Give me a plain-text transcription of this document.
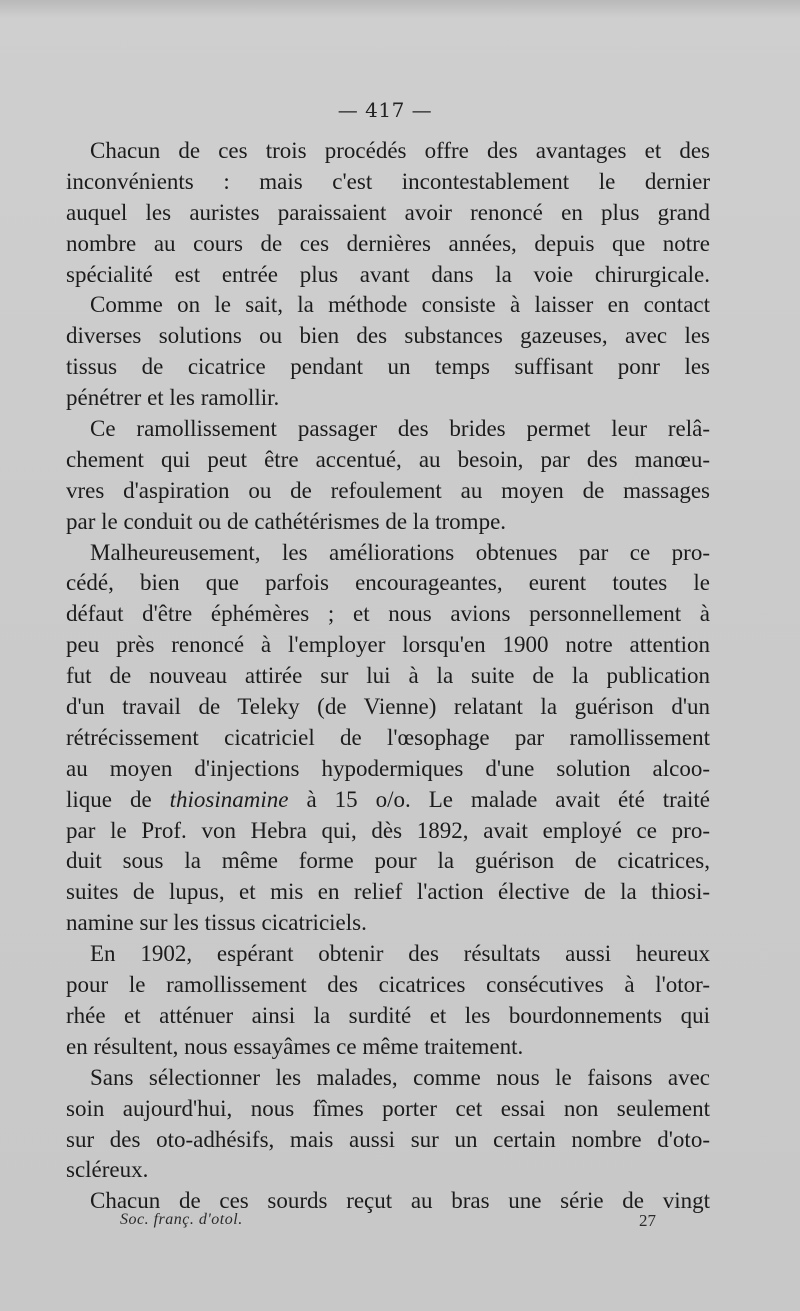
— 417 —
Chacun de ces trois procédés offre des avantages et des
inconvénients : mais c'est incontestablement le dernier
auquel les auristes paraissaient avoir renoncé en plus grand
nombre au cours de ces dernières années, depuis que notre
spécialité est entrée plus avant dans la voie chirurgicale.
Comme on le sait, la méthode consiste à laisser en contact
diverses solutions ou bien des substances gazeuses, avec les
tissus de cicatrice pendant un temps suffisant ponr les
pénétrer et les ramollir.
Ce ramollissement passager des brides permet leur relâ-
chement qui peut être accentué, au besoin, par des manœu-
vres d'aspiration ou de refoulement au moyen de massages
par le conduit ou de cathétérismes de la trompe.
Malheureusement, les améliorations obtenues par ce pro-
cédé, bien que parfois encourageantes, eurent toutes le
défaut d'être éphémères ; et nous avions personnellement à
peu près renoncé à l'employer lorsqu'en 1900 notre attention
fut de nouveau attirée sur lui à la suite de la publication
d'un travail de Teleky (de Vienne) relatant la guérison d'un
rétrécissement cicatriciel de l'œsophage par ramollissement
au moyen d'injections hypodermiques d'une solution alcoo-
lique de thiosinamine à 15 o/o. Le malade avait été traité
par le Prof. von Hebra qui, dès 1892, avait employé ce pro-
duit sous la même forme pour la guérison de cicatrices,
suites de lupus, et mis en relief l'action élective de la thiosi-
namine sur les tissus cicatriciels.
En 1902, espérant obtenir des résultats aussi heureux
pour le ramollissement des cicatrices consécutives à l'otor-
rhée et atténuer ainsi la surdité et les bourdonnements qui
en résultent, nous essayâmes ce même traitement.
Sans sélectionner les malades, comme nous le faisons avec
soin aujourd'hui, nous fîmes porter cet essai non seulement
sur des oto-adhésifs, mais aussi sur un certain nombre d'oto-
scléreux.
Chacun de ces sourds reçut au bras une série de vingt
Soc. franç. d'otol.	27
